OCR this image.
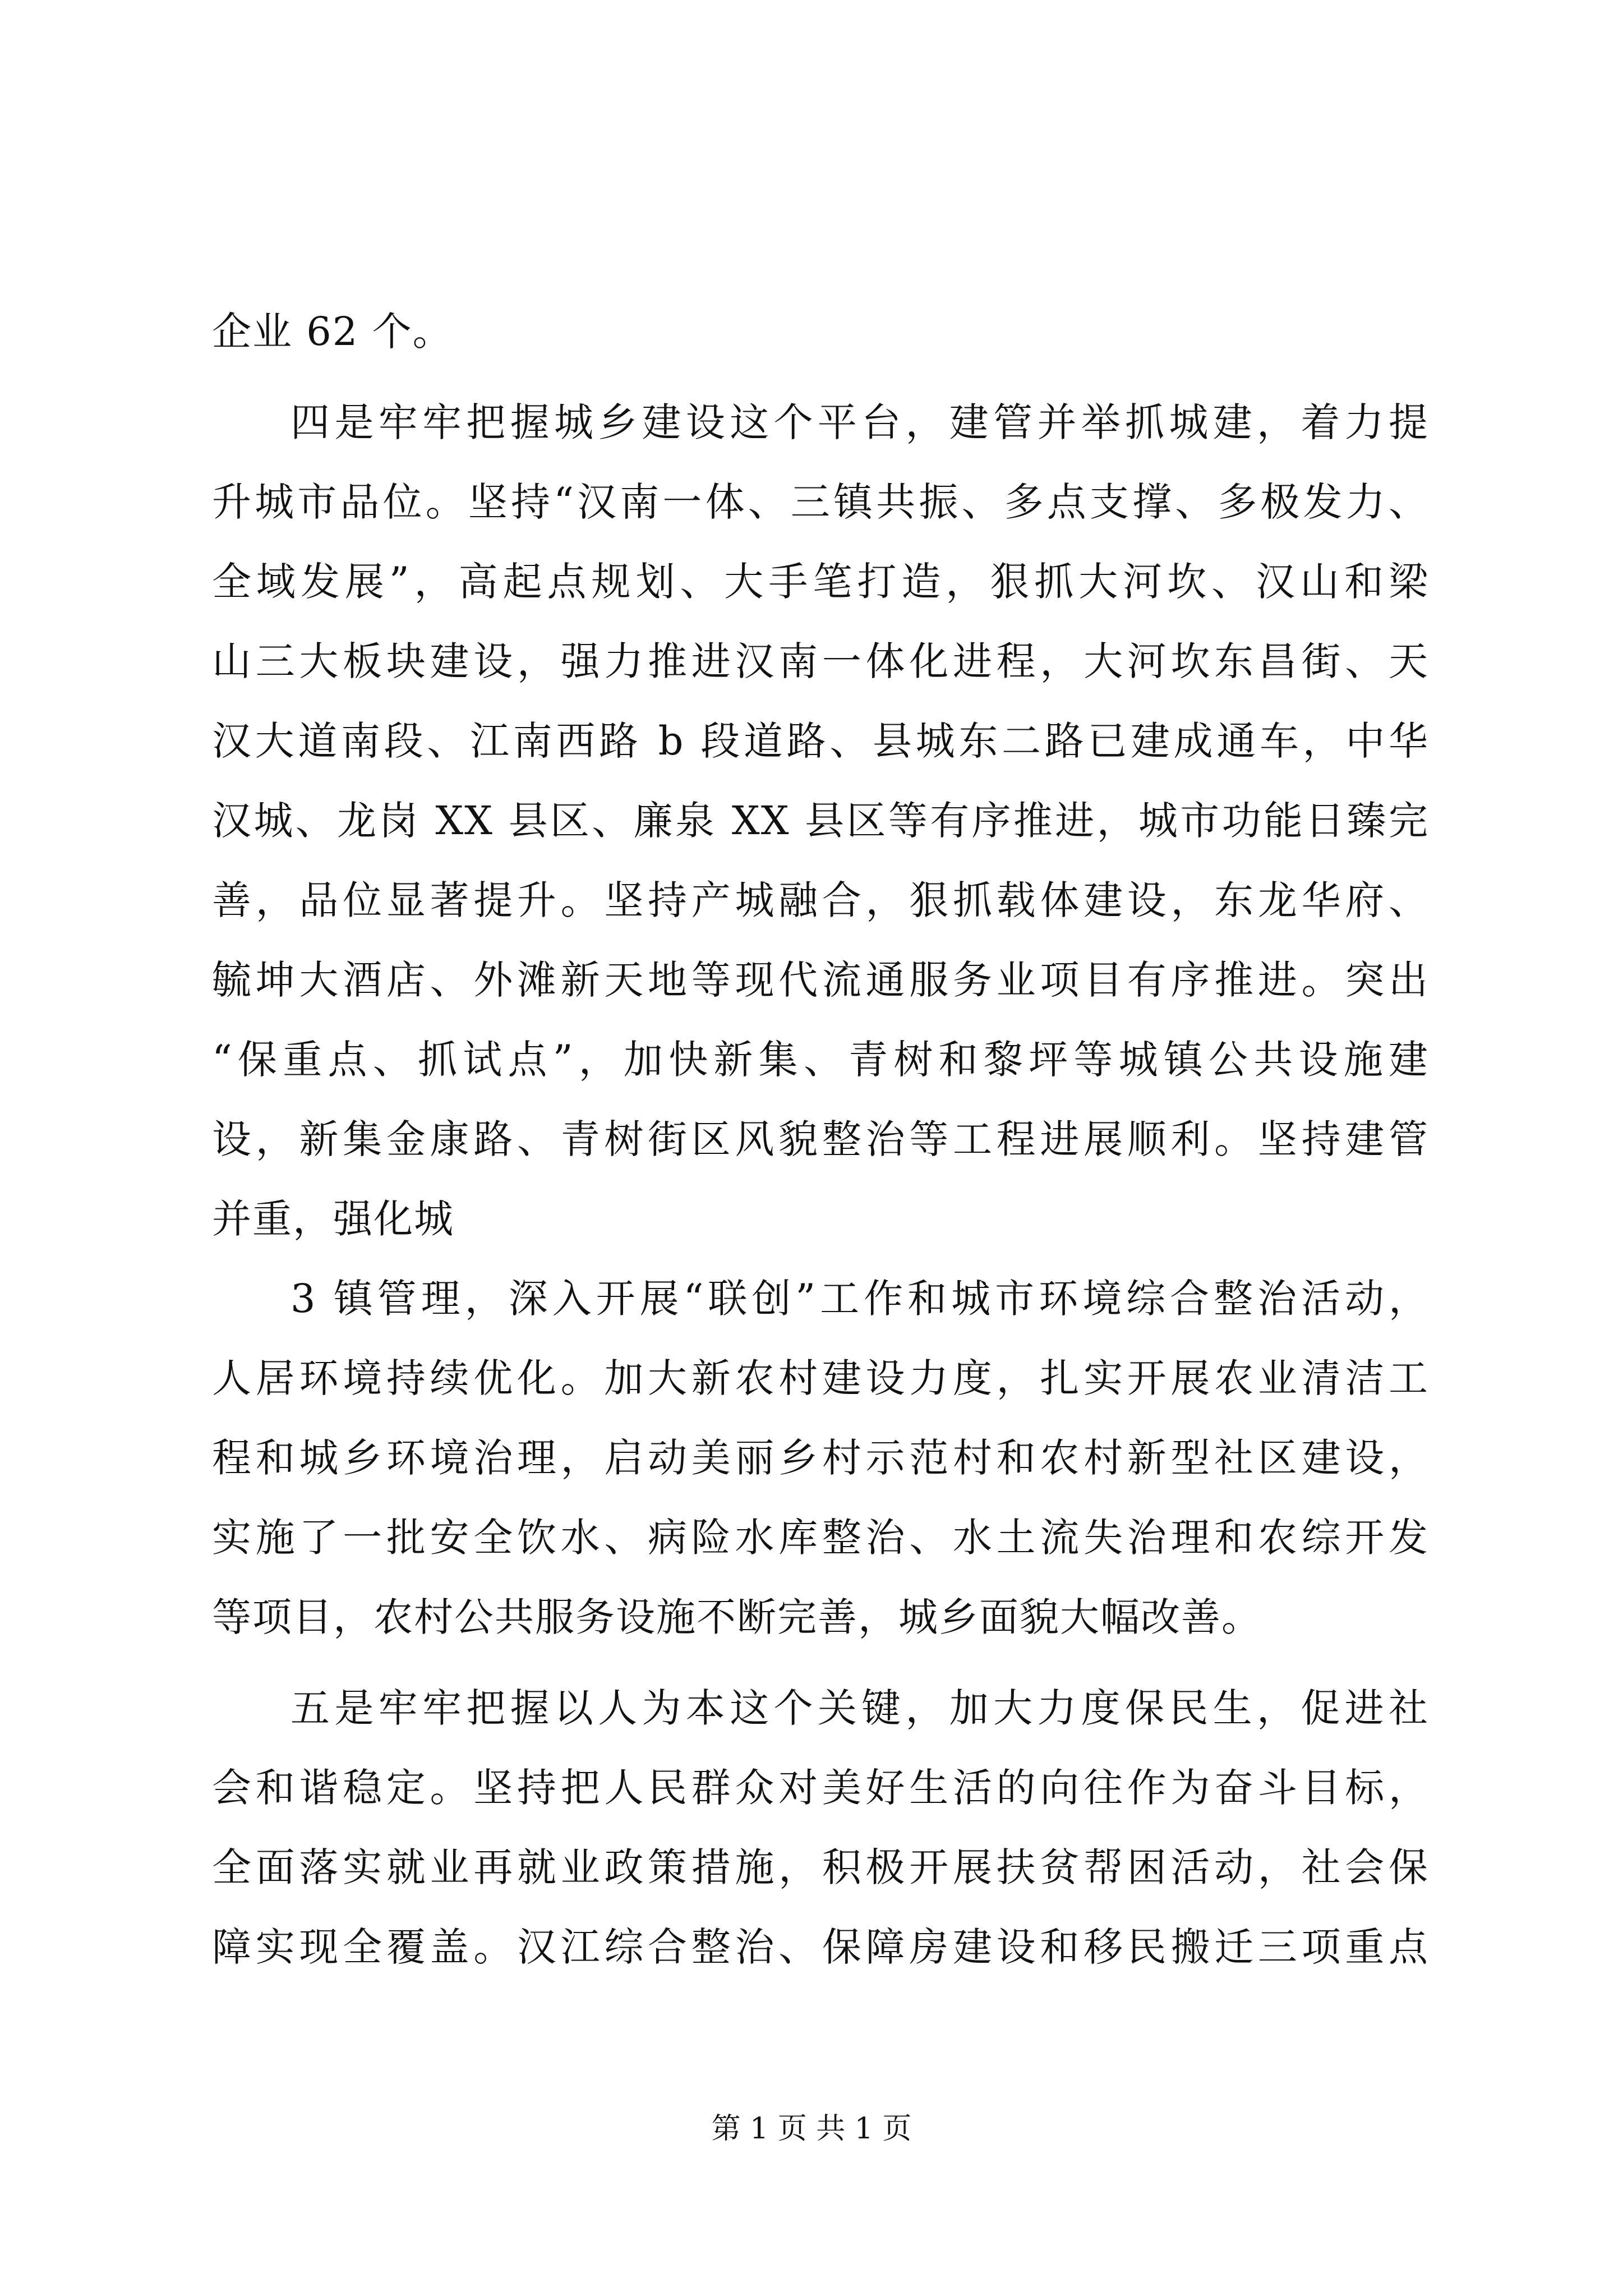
企业 62 个。
四是牢牢把握城乡建设这个平台，建管并举抓城建，着力提
升城市品位。坚持“汉南一体、三镇共振、多点支撑、多极发力、
全域发展”，高起点规划、大手笔打造，狠抓大河坎、汉山和梁
山三大板块建设，强力推进汉南一体化进程，大河坎东昌街、天
汉大道南段、江南西路 b 段道路、县城东二路已建成通车，中华
汉城、龙岗 XX 县区、廉泉 XX 县区等有序推进，城市功能日臻完
善，品位显著提升。坚持产城融合，狠抓载体建设，东龙华府、
毓坤大酒店、外滩新天地等现代流通服务业项目有序推进。突出
“保重点、抓试点”，加快新集、青树和黎坪等城镇公共设施建
设，新集金康路、青树街区风貌整治等工程进展顺利。坚持建管
并重，强化城
3 镇管理，深入开展“联创”工作和城市环境综合整治活动，
人居环境持续优化。加大新农村建设力度，扎实开展农业清洁工
程和城乡环境治理，启动美丽乡村示范村和农村新型社区建设，
实施了一批安全饮水、病险水库整治、水土流失治理和农综开发
等项目，农村公共服务设施不断完善，城乡面貌大幅改善。
五是牢牢把握以人为本这个关键，加大力度保民生，促进社
会和谐稳定。坚持把人民群众对美好生活的向往作为奋斗目标，
全面落实就业再就业政策措施，积极开展扶贫帮困活动，社会保
障实现全覆盖。汉江综合整治、保障房建设和移民搬迁三项重点
第 1 页 共 1 页
